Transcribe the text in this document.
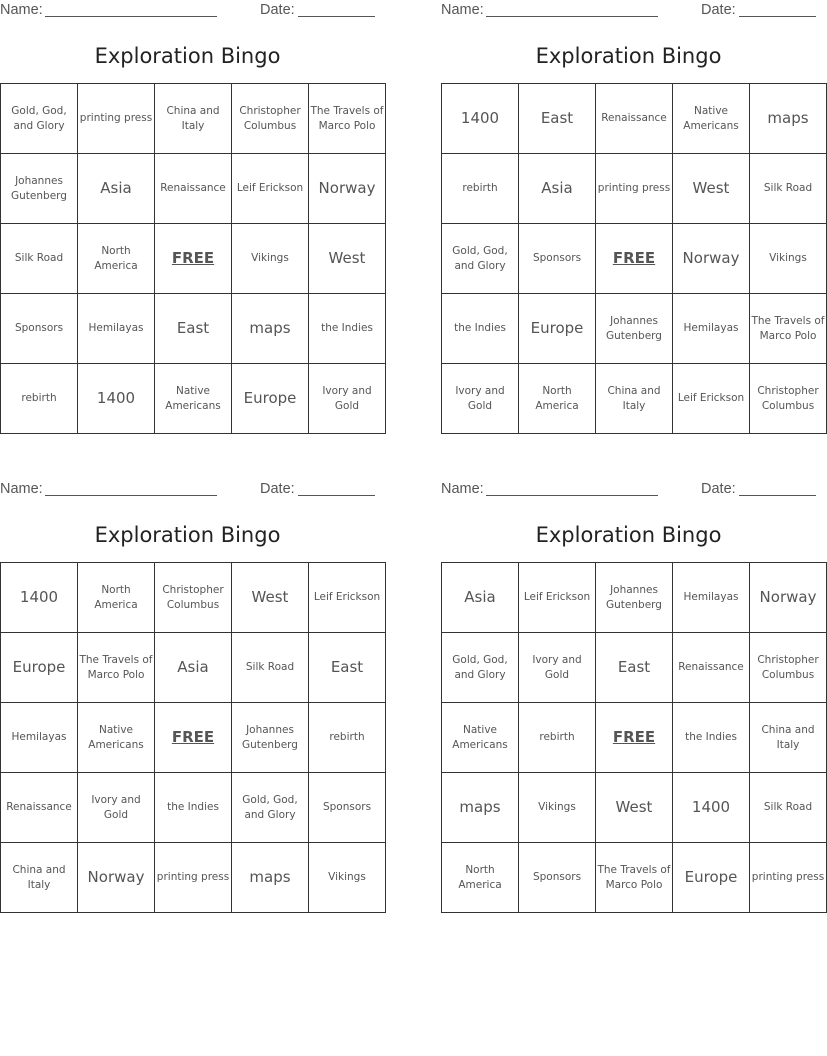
Name:	Date:
Exploration Bingo
Gold, God, and Glory	printing press	China and Italy	Christopher Columbus	The Travels of Marco Polo
Johannes Gutenberg	Asia	Renaissance	Leif Erickson	Norway
Silk Road	North America	FREE	Vikings	West
Sponsors	Hemilayas	East	maps	the Indies
rebirth	1400	Native Americans	Europe	Ivory and Gold
Name:	Date:
Exploration Bingo
1400	East	Renaissance	Native Americans	maps
rebirth	Asia	printing press	West	Silk Road
Gold, God, and Glory	Sponsors	FREE	Norway	Vikings
the Indies	Europe	Johannes Gutenberg	Hemilayas	The Travels of Marco Polo
Ivory and Gold	North America	China and Italy	Leif Erickson	Christopher Columbus
Name:	Date:
Exploration Bingo
1400	North America	Christopher Columbus	West	Leif Erickson
Europe	The Travels of Marco Polo	Asia	Silk Road	East
Hemilayas	Native Americans	FREE	Johannes Gutenberg	rebirth
Renaissance	Ivory and Gold	the Indies	Gold, God, and Glory	Sponsors
China and Italy	Norway	printing press	maps	Vikings
Name:	Date:
Exploration Bingo
Asia	Leif Erickson	Johannes Gutenberg	Hemilayas	Norway
Gold, God, and Glory	Ivory and Gold	East	Renaissance	Christopher Columbus
Native Americans	rebirth	FREE	the Indies	China and Italy
maps	Vikings	West	1400	Silk Road
North America	Sponsors	The Travels of Marco Polo	Europe	printing press
